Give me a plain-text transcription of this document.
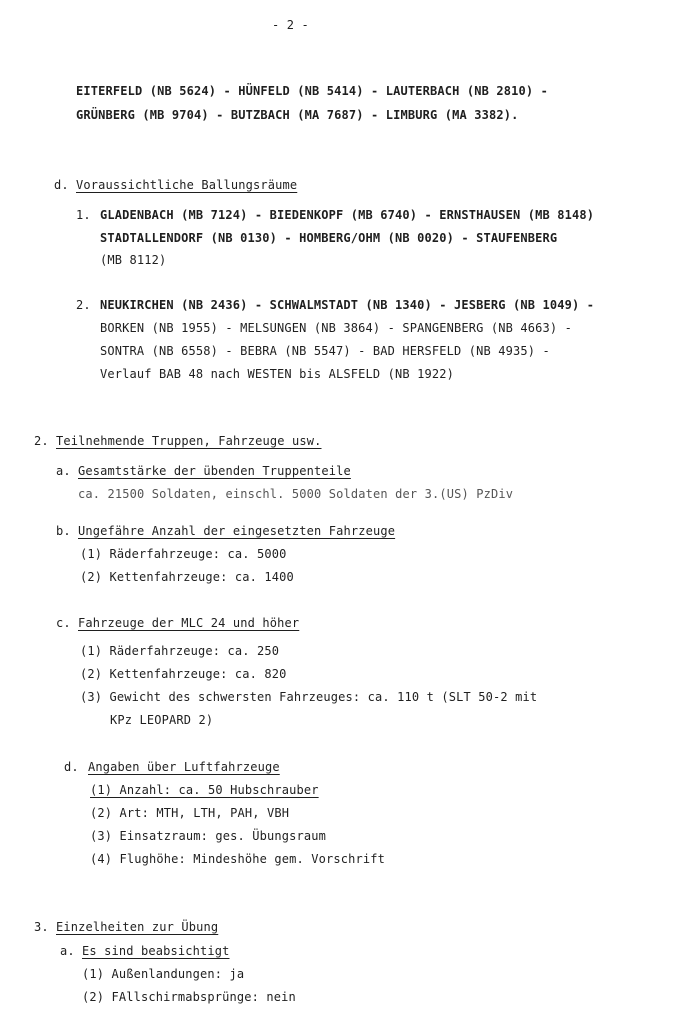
- 2 -
EITERFELD (NB 5624) - HÜNFELD (NB 5414) - LAUTERBACH (NB 2810) -
GRÜNBERG (MB 9704) - BUTZBACH (MA 7687) - LIMBURG (MA 3382).
d. Voraussichtliche Ballungsräume
1. GLADENBACH (MB 7124) - BIEDENKOPF (MB 6740) - ERNSTHAUSEN (MB 8148)
STADTALLENDORF (NB 0130) - HOMBERG/OHM (NB 0020) - STAUFENBERG
(MB 8112)
2. NEUKIRCHEN (NB 2436) - SCHWALMSTADT (NB 1340) - JESBERG (NB 1049) -
BORKEN (NB 1955) - MELSUNGEN (NB 3864) - SPANGENBERG (NB 4663) -
SONTRA (NB 6558) - BEBRA (NB 5547) - BAD HERSFELD (NB 4935) -
Verlauf BAB 48 nach WESTEN bis ALSFELD (NB 1922)
2. Teilnehmende Truppen, Fahrzeuge usw.
a. Gesamtstärke der übenden Truppenteile
ca. 21500 Soldaten, einschl. 5000 Soldaten der 3.(US) PzDiv
b. Ungefähre Anzahl der eingesetzten Fahrzeuge
(1) Räderfahrzeuge: ca. 5000
(2) Kettenfahrzeuge: ca. 1400
c. Fahrzeuge der MLC 24 und höher
(1) Räderfahrzeuge: ca. 250
(2) Kettenfahrzeuge: ca. 820
(3) Gewicht des schwersten Fahrzeuges: ca. 110 t (SLT 50-2 mit
KPz LEOPARD 2)
d. Angaben über Luftfahrzeuge
(1) Anzahl: ca. 50 Hubschrauber
(2) Art: MTH, LTH, PAH, VBH
(3) Einsatzraum: ges. Übungsraum
(4) Flughöhe: Mindeshöhe gem. Vorschrift
3. Einzelheiten zur Übung
a. Es sind beabsichtigt
(1) Außenlandungen: ja
(2) FAllschirmabsprünge: nein
